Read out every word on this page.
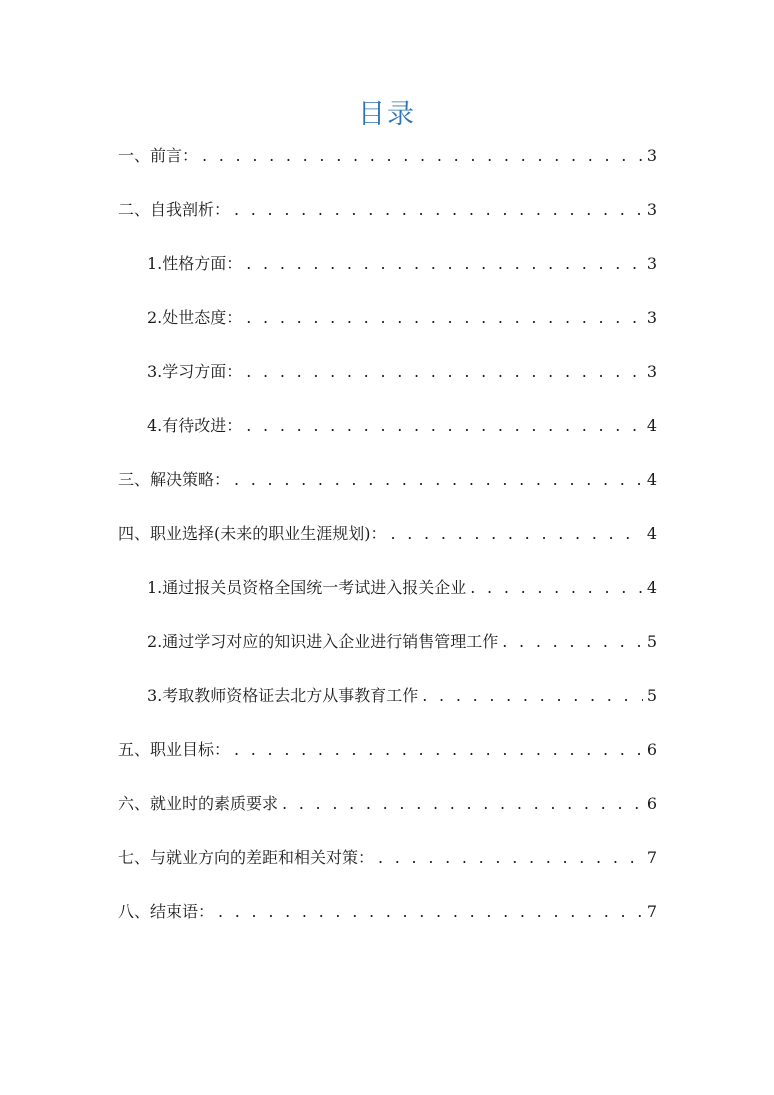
目录
一、前言： . . .	3
二、自我剖析： . . .	3
1.性格方面： . . .	3
2.处世态度： . . .	3
3.学习方面： . . .	3
4.有待改进： . . .	4
三、解决策略： . . .	4
四、职业选择(未来的职业生涯规划)： . . .	4
1.通过报关员资格全国统一考试进入报关企业 . . .	4
2.通过学习对应的知识进入企业进行销售管理工作 . . .	5
3.考取教师资格证去北方从事教育工作 . . .	5
五、职业目标： . . .	6
六、就业时的素质要求 . . .	6
七、与就业方向的差距和相关对策： . . .	7
八、结束语： . . .	7
